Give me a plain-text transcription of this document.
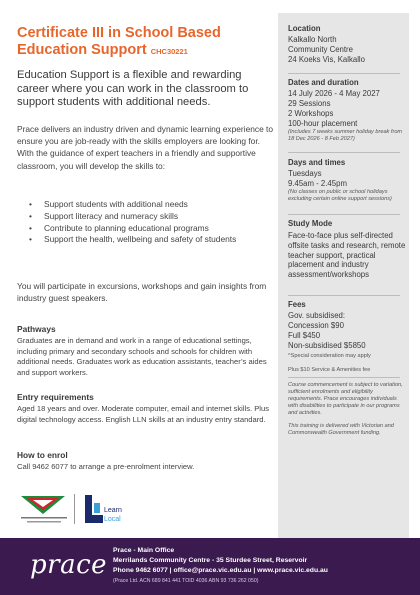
Certificate III in School Based Education Support CHC30221

Education Support is a flexible and rewarding career where you can work in the classroom to support students with additional needs.

Prace delivers an industry driven and dynamic learning experience to ensure you are job-ready with the skills employers are looking for. With the guidance of expert teachers in a friendly and supportive classroom, you will develop the skills to:

• Support students with additional needs
• Support literacy and numeracy skills
• Contribute to planning educational programs
• Support the health, wellbeing and safety of students

You will participate in excursions, workshops and gain insights from industry guest speakers.

Pathways

Graduates are in demand and work in a range of educational settings, including primary and secondary schools and schools for children with additional needs. Graduates work as education assistants, teacher’s aides and support workers.

Entry requirements

Aged 18 years and over. Moderate computer, email and internet skills. Plus digital technology access. English LLN skills at an industry entry standard.

How to enrol

Call 9462 6077 to arrange a pre-enrolment interview.

Learn
Local
Location

Kalkallo North

Community Centre

24 Koeks Vis, Kalkallo

Dates and duration

14 July 2026 - 4 May 2027

29 Sessions

2 Workshops

100-hour placement

(Includes 7 weeks summer holiday break from 18 Dec 2026 - 8 Feb 2027)

Days and times

Tuesdays

9.45am - 2.45pm

(No classes on public or school holidays excluding certain online support sessions)

Study Mode

Face-to-face plus self-directed offsite tasks and research, remote teacher support, practical placement and industry assessment/workshops

Fees

Gov. subsidised:

Concession $90

Full $450

Non-subsidised $5850

^Special consideration may apply

Plus $10 Service & Amenities fee

Course commencement is subject to variation, sufficient enrolments and eligibility requirements. Prace encourages individuals with disabilities to participate in our programs and activities.

This training is delivered with Victorian and Commonwealth Government funding.

prace Prace - Main Office

Merrilands Community Centre - 35 Sturdee Street, Reservoir

Phone 9462 6077 | office@prace.vic.edu.au | www.prace.vic.edu.au

(Prace Ltd. ACN 689 841 441 TOID 4036 ABN 93 736 262 050)
